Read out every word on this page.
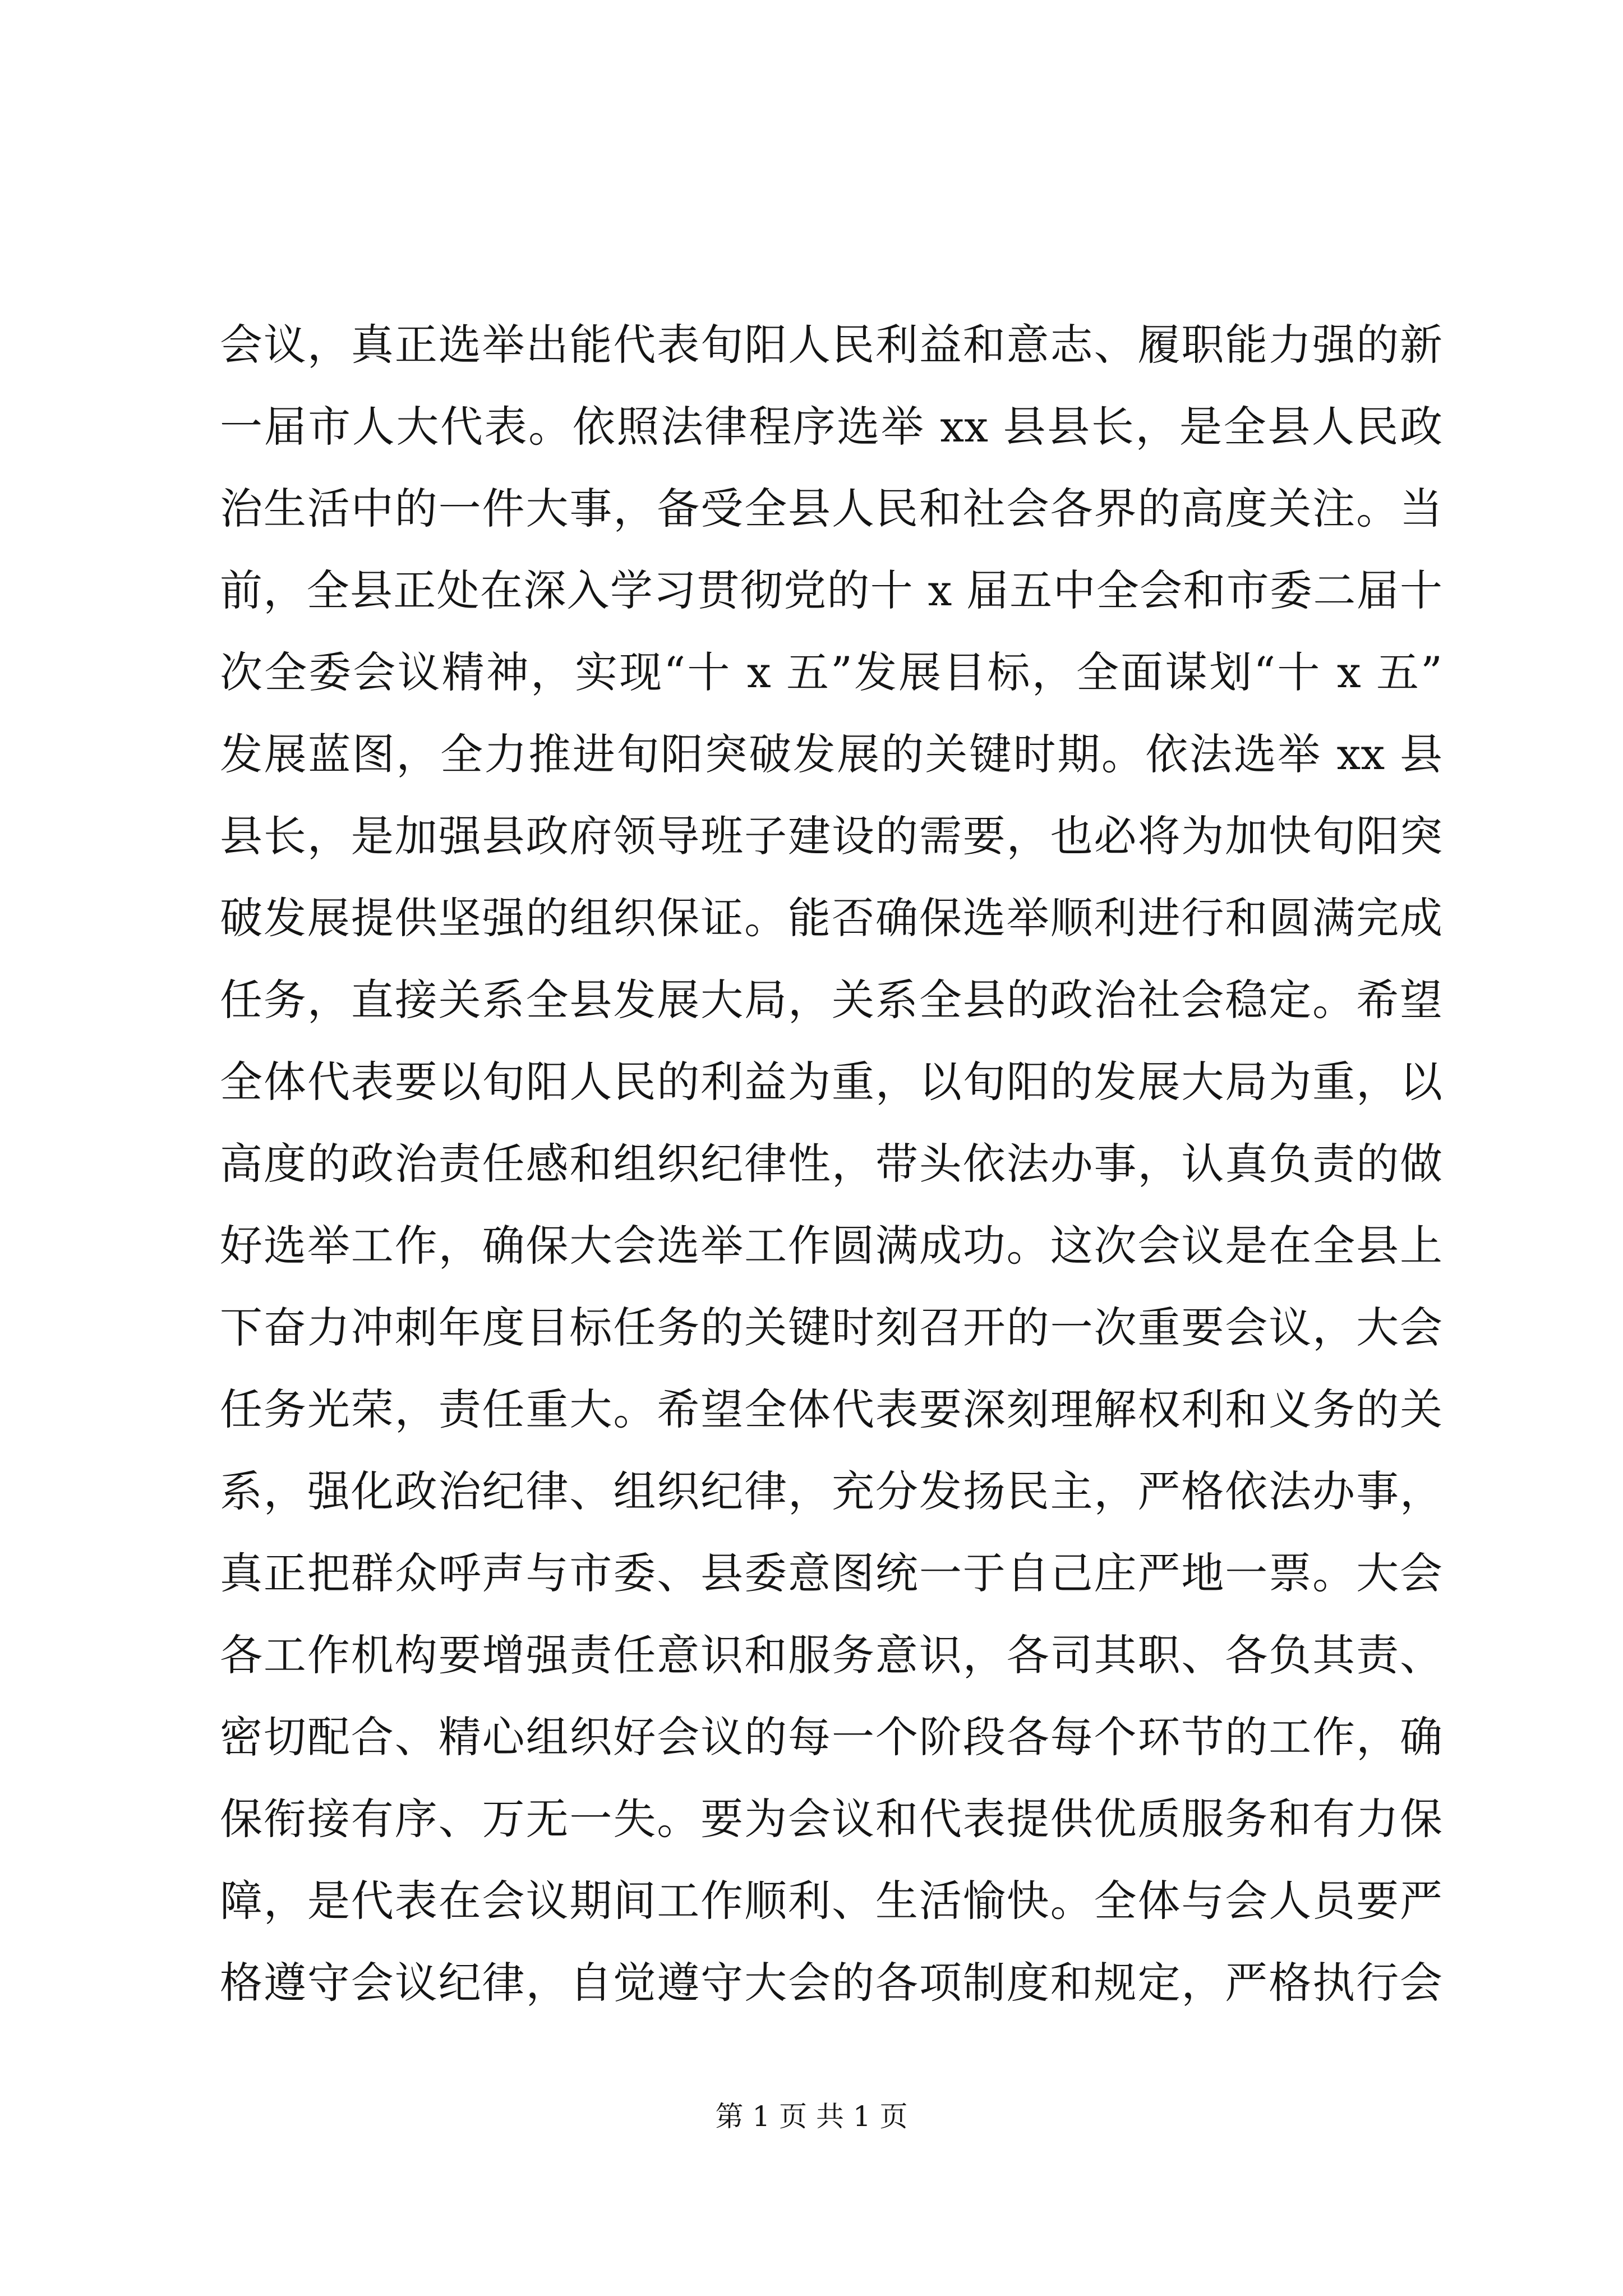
会议，真正选举出能代表旬阳人民利益和意志、履职能力强的新
一届市人大代表。依照法律程序选举 xx 县县长，是全县人民政
治生活中的一件大事，备受全县人民和社会各界的高度关注。当
前，全县正处在深入学习贯彻党的十 x 届五中全会和市委二届十
次全委会议精神，实现“十 x 五”发展目标，全面谋划“十 x 五”
发展蓝图，全力推进旬阳突破发展的关键时期。依法选举 xx 县
县长，是加强县政府领导班子建设的需要，也必将为加快旬阳突
破发展提供坚强的组织保证。能否确保选举顺利进行和圆满完成
任务，直接关系全县发展大局，关系全县的政治社会稳定。希望
全体代表要以旬阳人民的利益为重，以旬阳的发展大局为重，以
高度的政治责任感和组织纪律性，带头依法办事，认真负责的做
好选举工作，确保大会选举工作圆满成功。这次会议是在全县上
下奋力冲刺年度目标任务的关键时刻召开的一次重要会议，大会
任务光荣，责任重大。希望全体代表要深刻理解权利和义务的关
系，强化政治纪律、组织纪律，充分发扬民主，严格依法办事，
真正把群众呼声与市委、县委意图统一于自己庄严地一票。大会
各工作机构要增强责任意识和服务意识，各司其职、各负其责、
密切配合、精心组织好会议的每一个阶段各每个环节的工作，确
保衔接有序、万无一失。要为会议和代表提供优质服务和有力保
障，是代表在会议期间工作顺利、生活愉快。全体与会人员要严
格遵守会议纪律，自觉遵守大会的各项制度和规定，严格执行会
第 1 页 共 1 页
